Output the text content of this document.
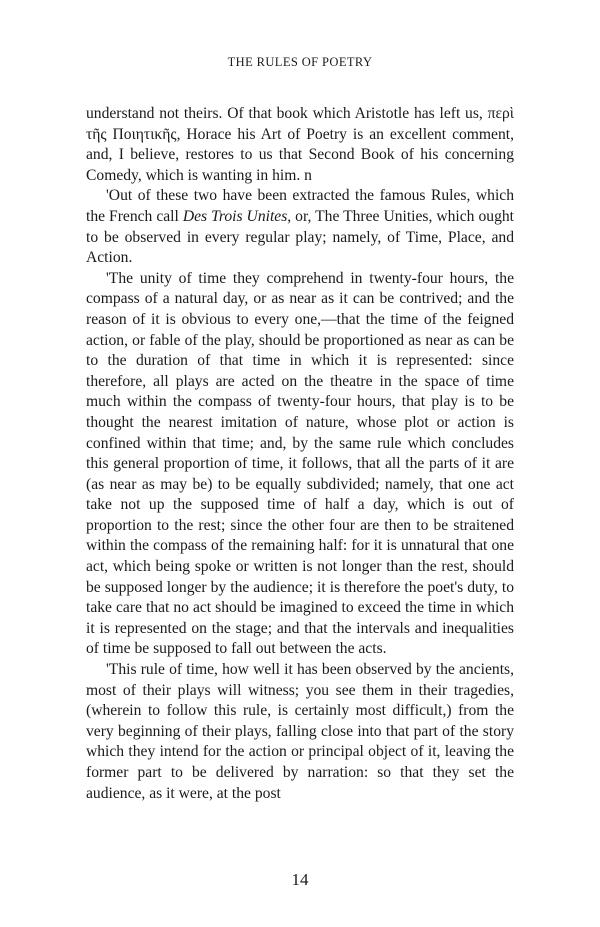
THE RULES OF POETRY

understand not theirs. Of that book which Aristotle has left us, περὶ τῆς Ποιητικῆς, Horace his Art of Poetry is an excellent comment, and, I believe, restores to us that Second Book of his concerning Comedy, which is wanting in him. n

'Out of these two have been extracted the famous Rules, which the French call Des Trois Unites, or, The Three Unities, which ought to be observed in every regular play; namely, of Time, Place, and Action.

'The unity of time they comprehend in twenty-four hours, the compass of a natural day, or as near as it can be contrived; and the reason of it is obvious to every one,—that the time of the feigned action, or fable of the play, should be proportioned as near as can be to the duration of that time in which it is represented: since therefore, all plays are acted on the theatre in the space of time much within the compass of twenty-four hours, that play is to be thought the nearest imitation of nature, whose plot or action is confined within that time; and, by the same rule which concludes this general proportion of time, it follows, that all the parts of it are (as near as may be) to be equally subdivided; namely, that one act take not up the supposed time of half a day, which is out of proportion to the rest; since the other four are then to be straitened within the compass of the remaining half: for it is unnatural that one act, which being spoke or written is not longer than the rest, should be supposed longer by the audience; it is therefore the poet's duty, to take care that no act should be imagined to exceed the time in which it is represented on the stage; and that the intervals and inequalities of time be supposed to fall out between the acts.

'This rule of time, how well it has been observed by the ancients, most of their plays will witness; you see them in their tragedies, (wherein to follow this rule, is certainly most difficult,) from the very beginning of their plays, falling close into that part of the story which they intend for the action or principal object of it, leaving the former part to be delivered by narration: so that they set the audience, as it were, at the post

14
